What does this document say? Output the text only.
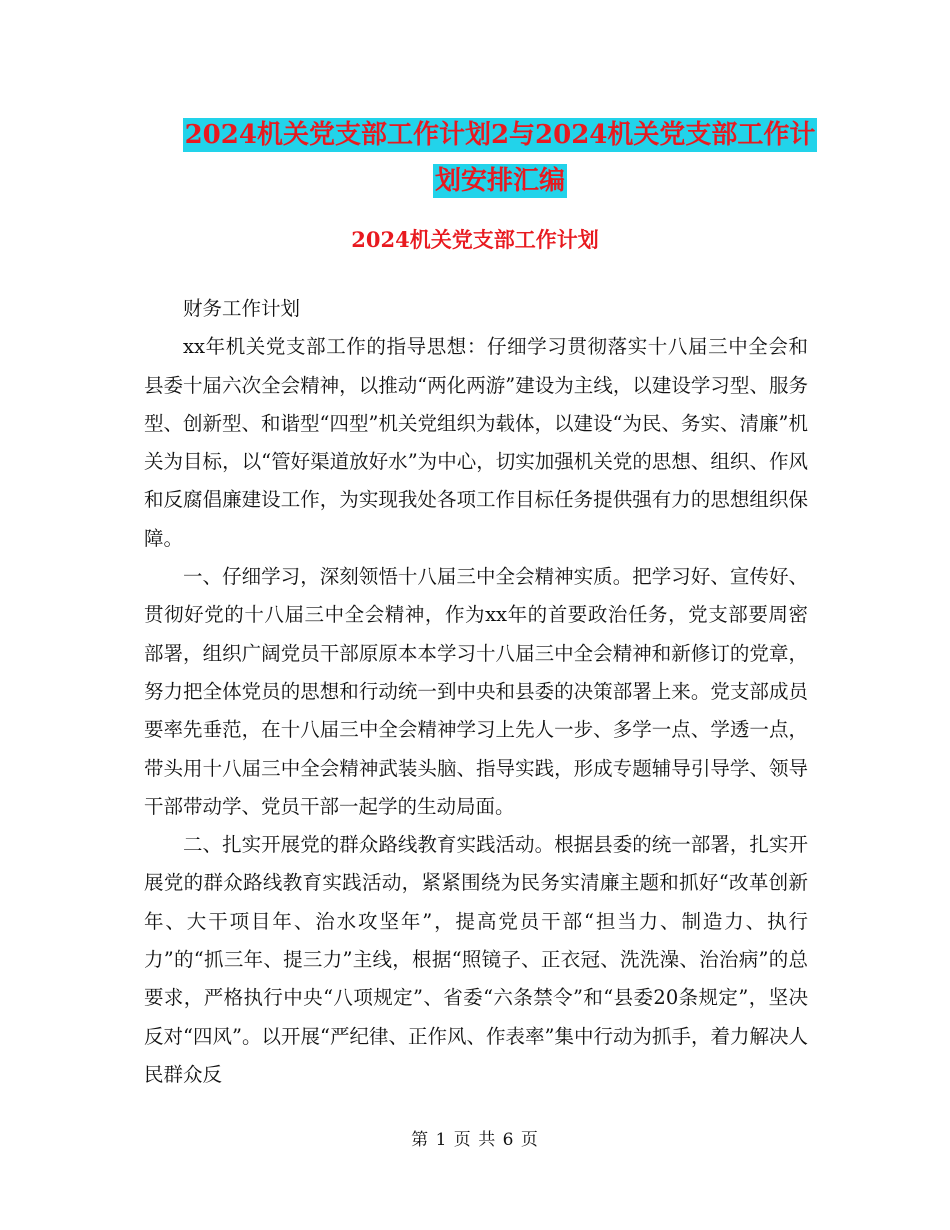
2024机关党支部工作计划2与2024机关党支部工作计
划安排汇编
2024机关党支部工作计划

财务工作计划

xx年机关党支部工作的指导思想：仔细学习贯彻落实十八届三中全会和县委十届六次全会精神，以推动“两化两游”建设为主线，以建设学习型、服务型、创新型、和谐型“四型”机关党组织为载体，以建设“为民、务实、清廉”机关为目标，以“管好渠道放好水”为中心，切实加强机关党的思想、组织、作风和反腐倡廉建设工作，为实现我处各项工作目标任务提供强有力的思想组织保障。

一、仔细学习，深刻领悟十八届三中全会精神实质。把学习好、宣传好、贯彻好党的十八届三中全会精神，作为xx年的首要政治任务，党支部要周密部署，组织广阔党员干部原原本本学习十八届三中全会精神和新修订的党章，努力把全体党员的思想和行动统一到中央和县委的决策部署上来。党支部成员要率先垂范，在十八届三中全会精神学习上先人一步、多学一点、学透一点，带头用十八届三中全会精神武装头脑、指导实践，形成专题辅导引导学、领导干部带动学、党员干部一起学的生动局面。

二、扎实开展党的群众路线教育实践活动。根据县委的统一部署，扎实开展党的群众路线教育实践活动，紧紧围绕为民务实清廉主题和抓好“改革创新年、大干项目年、治水攻坚年”，提高党员干部“担当力、制造力、执行力”的“抓三年、提三力”主线，根据“照镜子、正衣冠、洗洗澡、治治病”的总要求，严格执行中央“八项规定”、省委“六条禁令”和“县委20条规定”，坚决反对“四风”。以开展“严纪律、正作风、作表率”集中行动为抓手，着力解决人民群众反

第 1 页 共 6 页
